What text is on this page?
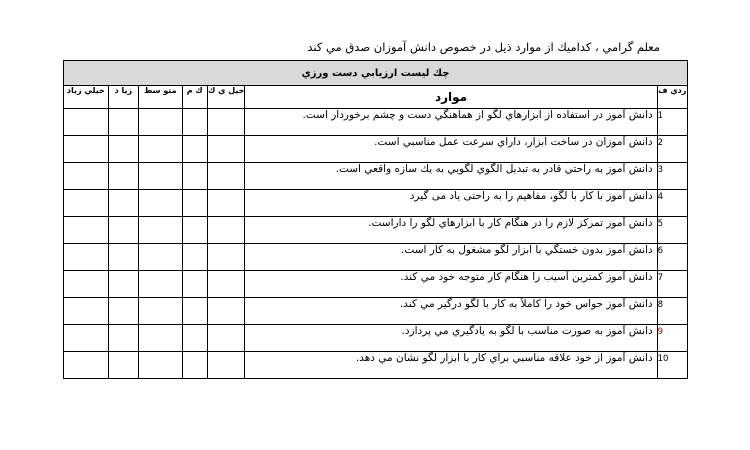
معلم گرامي ، كداميك از موارد ذيل در خصوص دانش آموزان صدق مي كند
چك ليست ارزيابي دست ورزي						
ردي ف	موارد	خيل ي ك	ك م	متو سط	زيا د	خيلي زياد
1	دانش آموز در استفاده از ابزارهاي لگو از هماهنگي دست و چشم برخوردار است.					
2	دانش آموزان در ساخت ابزار، داراي سرعت عمل مناسبي است.					
3	دانش آموز به راحتي قادر به تبديل الگوي لگويي به يك سازه واقعي است.					
4	دانش آموز با كار با لگو، مفاهيم را به راحتی ياد می گيرد					
5	دانش آموز تمركز لازم را در هنگام كار با ابزارهاي لگو را داراست.					
6	دانش آموز بدون خستگي با ابزار لگو مشغول به كار است.					
7	دانش آموز كمترين آسيب را هنگام كار متوجه خود مي كند.					
8	دانش آموز حواس خود را كاملاً به كار با لگو درگير مي كند.					
9	دانش آموز به صورت مناسب با لگو به يادگيري مي پردازد.					
10	دانش آموز از خود علاقه مناسبي براي كار با ابزار لگو نشان مي دهد.					
